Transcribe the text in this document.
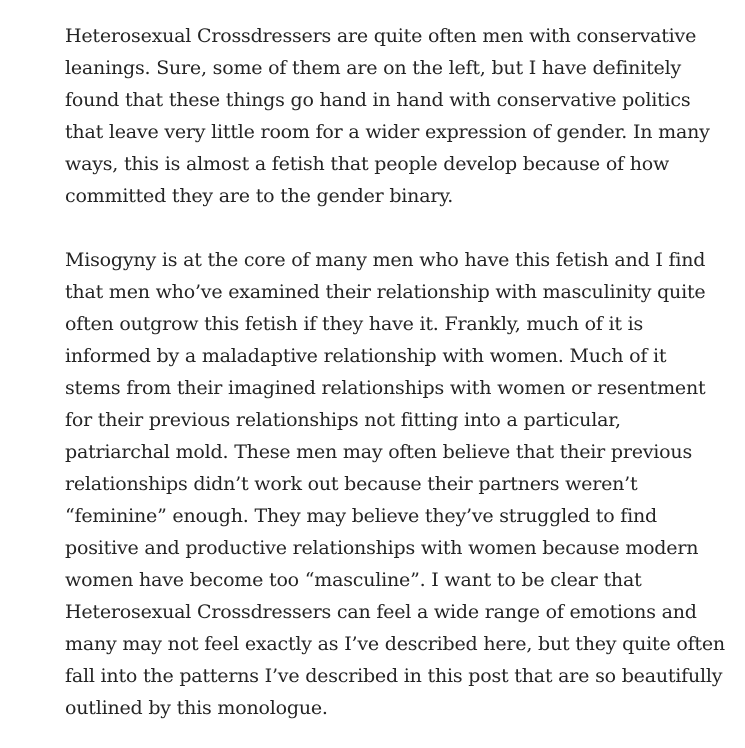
Heterosexual Crossdressers are quite often men with conservative leanings. Sure, some of them are on the left, but I have definitely found that these things go hand in hand with conservative politics that leave very little room for a wider expression of gender. In many ways, this is almost a fetish that people develop because of how committed they are to the gender binary.

Misogyny is at the core of many men who have this fetish and I find that men who’ve examined their relationship with masculinity quite often outgrow this fetish if they have it. Frankly, much of it is informed by a maladaptive relationship with women. Much of it stems from their imagined relationships with women or resentment for their previous relationships not fitting into a particular, patriarchal mold. These men may often believe that their previous relationships didn’t work out because their partners weren’t “feminine” enough. They may believe they’ve struggled to find positive and productive relationships with women because modern women have become too “masculine”. I want to be clear that Heterosexual Crossdressers can feel a wide range of emotions and many may not feel exactly as I’ve described here, but they quite often fall into the patterns I’ve described in this post that are so beautifully outlined by this monologue.
